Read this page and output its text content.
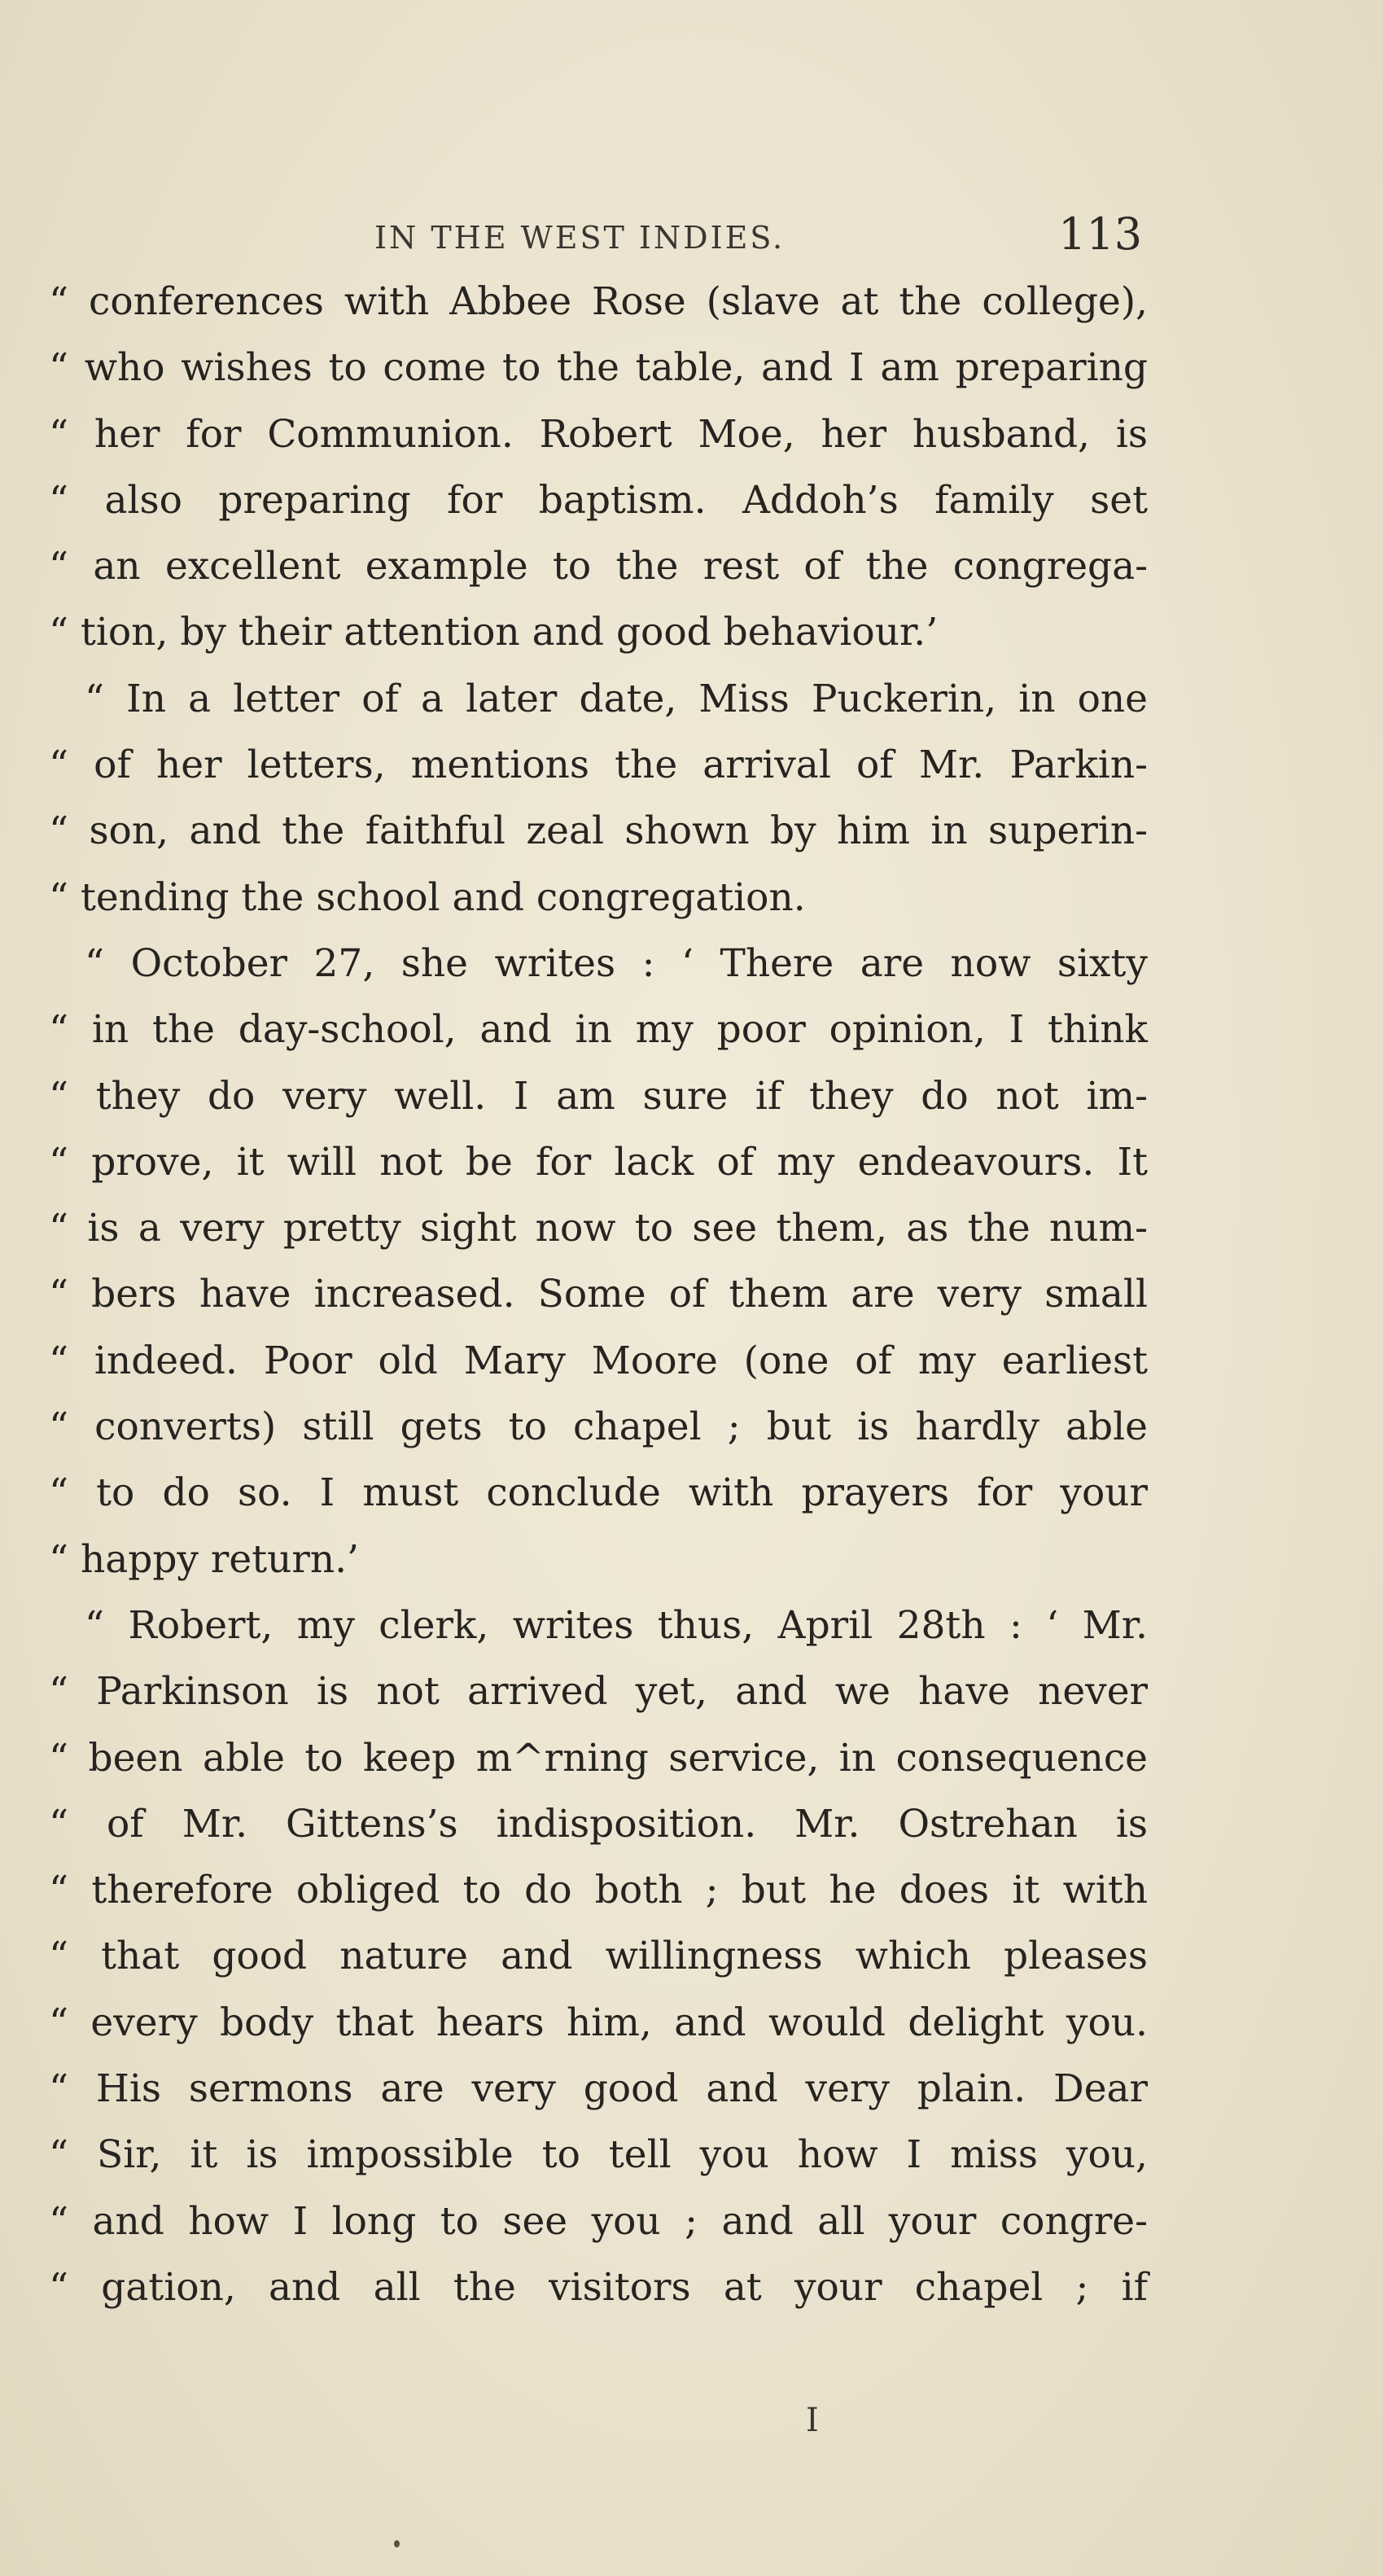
IN THE WEST INDIES.	113
“ conferences with Abbee Rose (slave at the college),
“ who wishes to come to the table, and I am preparing
“ her for Communion. Robert Moe, her husband, is
“ also preparing for baptism. Addoh’s family set
“ an excellent example to the rest of the congrega-
“ tion, by their attention and good behaviour.’
“ In a letter of a later date, Miss Puckerin, in one
“ of her letters, mentions the arrival of Mr. Parkin-
“ son, and the faithful zeal shown by him in superin-
“ tending the school and congregation.
“ October 27, she writes : ‘ There are now sixty
“ in the day-school, and in my poor opinion, I think
“ they do very well. I am sure if they do not im-
“ prove, it will not be for lack of my endeavours. It
“ is a very pretty sight now to see them, as the num-
“ bers have increased. Some of them are very small
“ indeed. Poor old Mary Moore (one of my earliest
“ converts) still gets to chapel ; but is hardly able
“ to do so. I must conclude with prayers for your
“ happy return.’
“ Robert, my clerk, writes thus, April 28th : ‘ Mr.
“ Parkinson is not arrived yet, and we have never
“ been able to keep m^rning service, in consequence
“ of Mr. Gittens’s indisposition. Mr. Ostrehan is
“ therefore obliged to do both ; but he does it with
“ that good nature and willingness which pleases
“ every body that hears him, and would delight you.
“ His sermons are very good and very plain. Dear
“ Sir, it is impossible to tell you how I miss you,
“ and how I long to see you ; and all your congre-
“ gation, and all the visitors at your chapel ; if
I
